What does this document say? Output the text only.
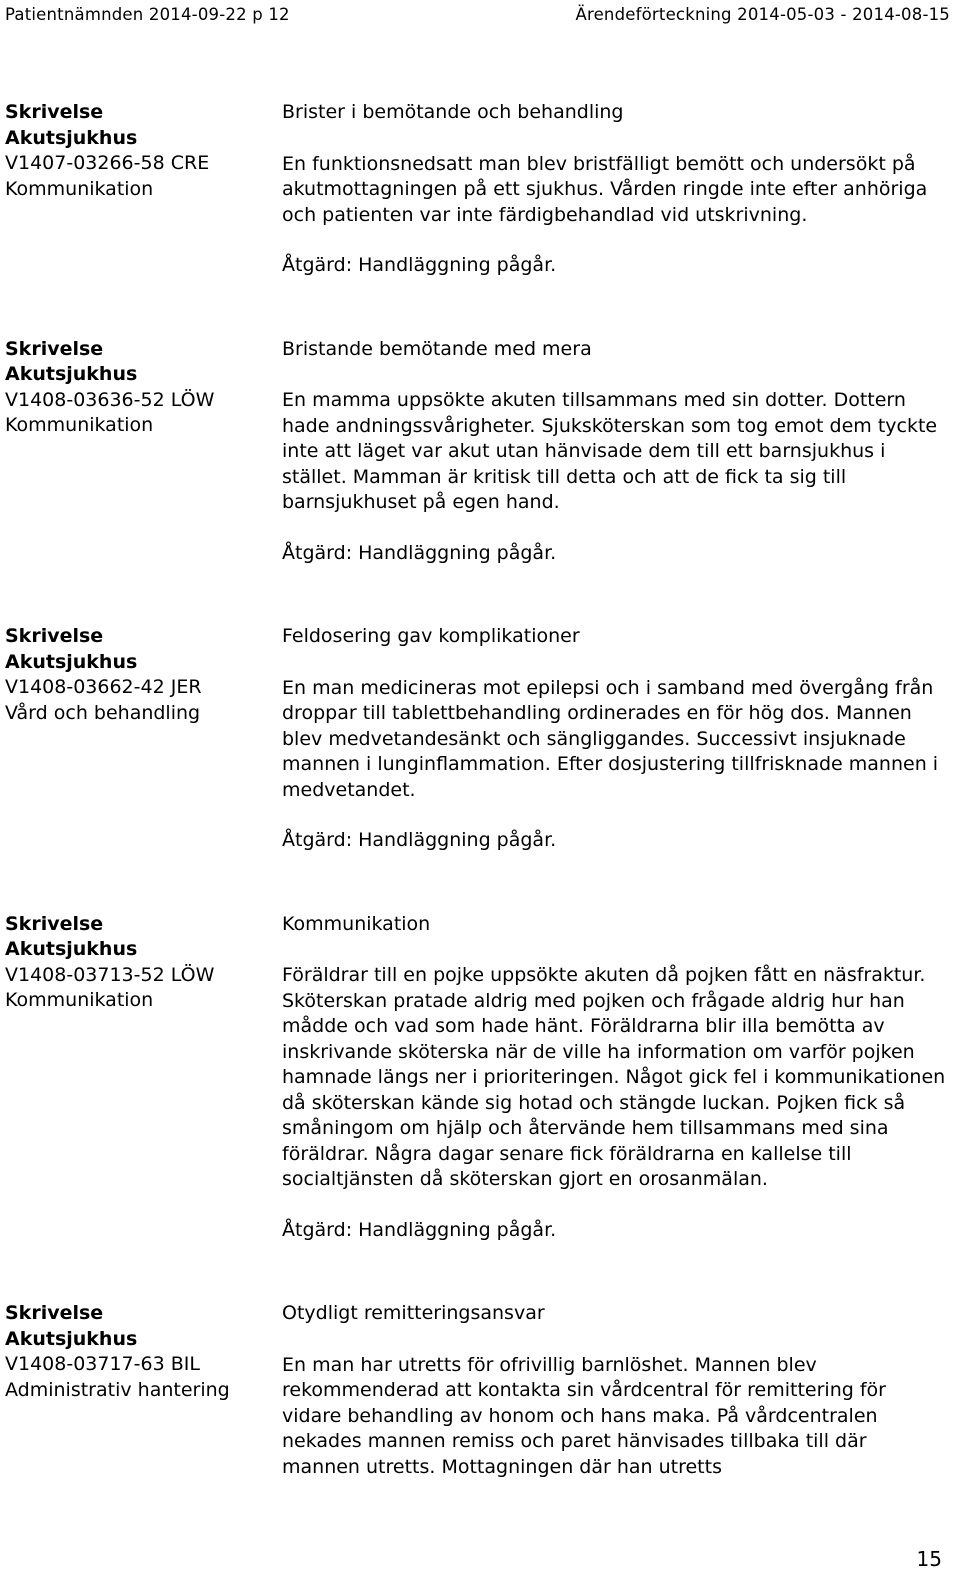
Patientnämnden 2014-09-22 p 12	Ärendeförteckning 2014-05-03 - 2014-08-15
Skrivelse
Akutsjukhus
V1407-03266-58 CRE
Kommunikation

Brister i bemötande och behandling

En funktionsnedsatt man blev bristfälligt bemött och undersökt på akutmottagningen på ett sjukhus. Vården ringde inte efter anhöriga och patienten var inte färdigbehandlad vid utskrivning.

Åtgärd: Handläggning pågår.

Skrivelse
Akutsjukhus
V1408-03636-52 LÖW
Kommunikation

Bristande bemötande med mera

En mamma uppsökte akuten tillsammans med sin dotter. Dottern hade andningssvårigheter. Sjuksköterskan som tog emot dem tyckte inte att läget var akut utan hänvisade dem till ett barnsjukhus i stället. Mamman är kritisk till detta och att de fick ta sig till barnsjukhuset på egen hand.

Åtgärd: Handläggning pågår.

Skrivelse
Akutsjukhus
V1408-03662-42 JER
Vård och behandling

Feldosering gav komplikationer

En man medicineras mot epilepsi och i samband med övergång från droppar till tablettbehandling ordinerades en för hög dos. Mannen blev medvetandesänkt och sängliggandes. Successivt insjuknade mannen i lunginflammation. Efter dosjustering tillfrisknade mannen i medvetandet.

Åtgärd: Handläggning pågår.

Skrivelse
Akutsjukhus
V1408-03713-52 LÖW
Kommunikation

Kommunikation

Föräldrar till en pojke uppsökte akuten då pojken fått en näsfraktur. Sköterskan pratade aldrig med pojken och frågade aldrig hur han mådde och vad som hade hänt. Föräldrarna blir illa bemötta av inskrivande sköterska när de ville ha information om varför pojken hamnade längs ner i prioriteringen. Något gick fel i kommunikationen då sköterskan kände sig hotad och stängde luckan. Pojken fick så småningom om hjälp och återvände hem tillsammans med sina föräldrar. Några dagar senare fick föräldrarna en kallelse till socialtjänsten då sköterskan gjort en orosanmälan.

Åtgärd: Handläggning pågår.

Skrivelse
Akutsjukhus
V1408-03717-63 BIL
Administrativ hantering

Otydligt remitteringsansvar

En man har utretts för ofrivillig barnlöshet. Mannen blev rekommenderad att kontakta sin vårdcentral för remittering för vidare behandling av honom och hans maka. På vårdcentralen nekades mannen remiss och paret hänvisades tillbaka till där mannen utretts. Mottagningen där han utretts

15
